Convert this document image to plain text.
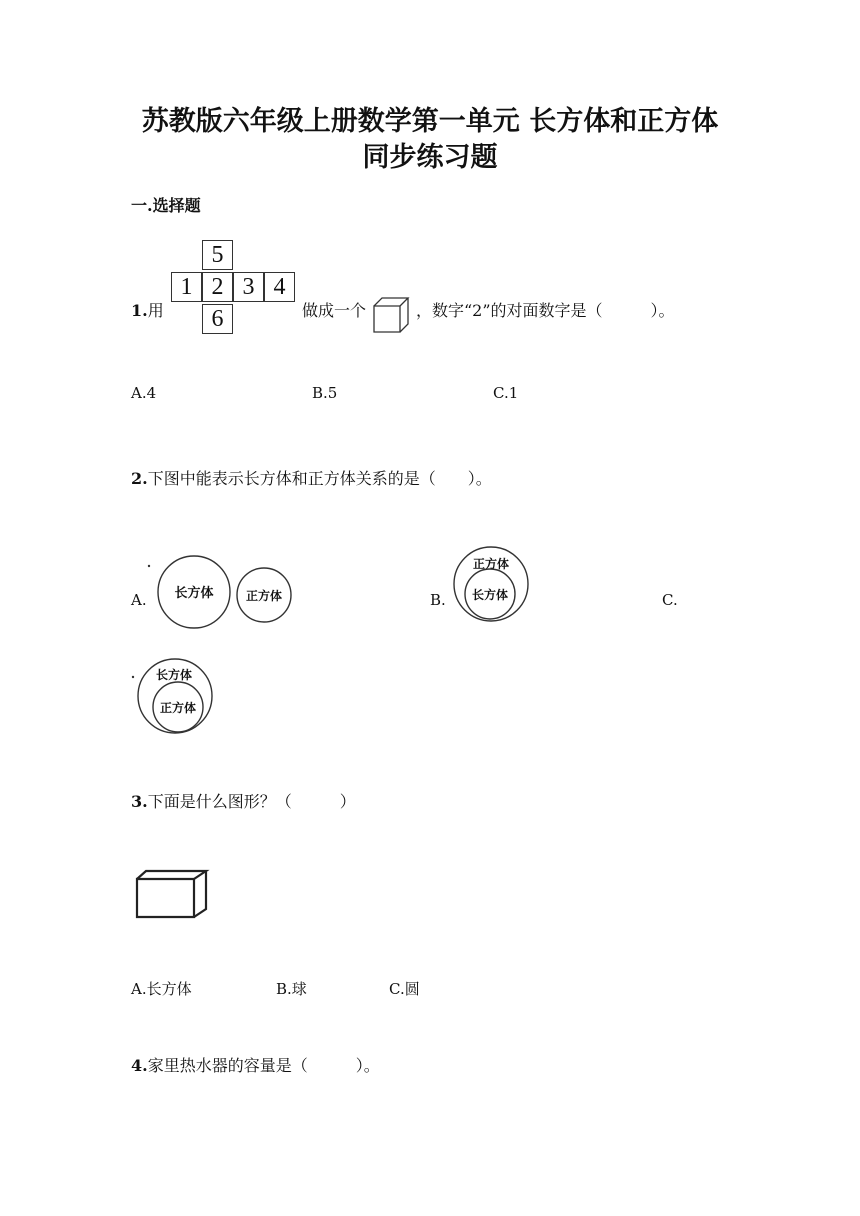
苏教版六年级上册数学第一单元 长方体和正方体
同步练习题
一.选择题
1.用
5
1 2 3 4
6	做成一个	，数字“2”的对面数字是（　　　）。
A.4	B.5	C.1
2.下图中能表示长方体和正方体关系的是（　　）。
A. 长方体	正方体	B.
正方体
长方体	C.
长方体
正方体
3.下面是什么图形？（　　　）
A.长方体	B.球	C.圆
4.家里热水器的容量是（　　　）。
